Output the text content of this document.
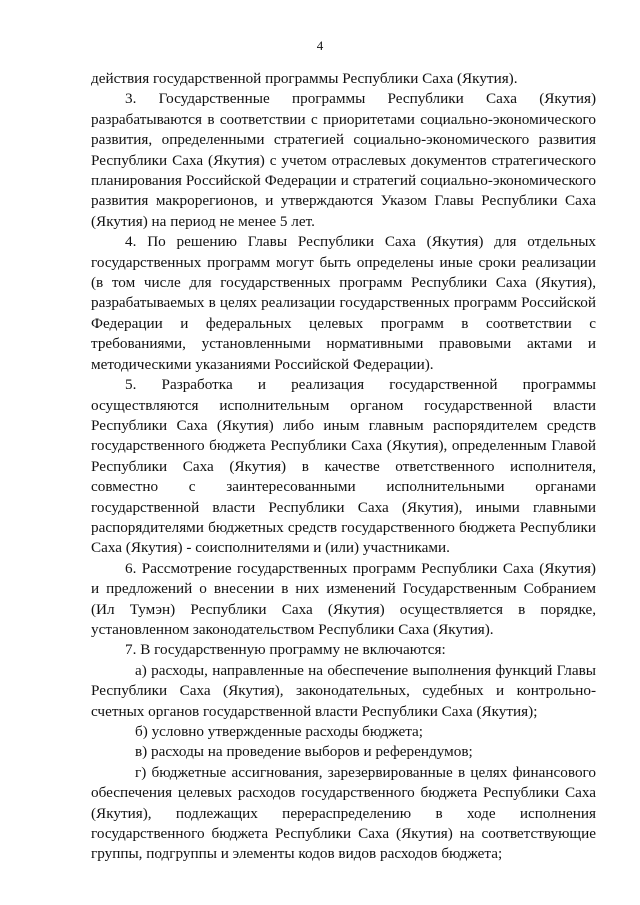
4

действия государственной программы Республики Саха (Якутия).

3. Государственные программы Республики Саха (Якутия) разрабатываются в соответствии с приоритетами социально-экономического развития, определенными стратегией социально-экономического развития Республики Саха (Якутия) с учетом отраслевых документов стратегического планирования Российской Федерации и стратегий социально-экономического развития макрорегионов, и утверждаются Указом Главы Республики Саха (Якутия) на период не менее 5 лет.

4. По решению Главы Республики Саха (Якутия) для отдельных государственных программ могут быть определены иные сроки реализации (в том числе для государственных программ Республики Саха (Якутия), разрабатываемых в целях реализации государственных программ Российской Федерации и федеральных целевых программ в соответствии с требованиями, установленными нормативными правовыми актами и методическими указаниями Российской Федерации).

5. Разработка и реализация государственной программы осуществляются исполнительным органом государственной власти Республики Саха (Якутия) либо иным главным распорядителем средств государственного бюджета Республики Саха (Якутия), определенным Главой Республики Саха (Якутия) в качестве ответственного исполнителя, совместно с заинтересованными исполнительными органами государственной власти Республики Саха (Якутия), иными главными распорядителями бюджетных средств государственного бюджета Республики Саха (Якутия) - соисполнителями и (или) участниками.

6. Рассмотрение государственных программ Республики Саха (Якутия) и предложений о внесении в них изменений Государственным Собранием (Ил Тумэн) Республики Саха (Якутия) осуществляется в порядке, установленном законодательством Республики Саха (Якутия).

7. В государственную программу не включаются:

а) расходы, направленные на обеспечение выполнения функций Главы Республики Саха (Якутия), законодательных, судебных и контрольно-счетных органов государственной власти Республики Саха (Якутия);

б) условно утвержденные расходы бюджета;

в) расходы на проведение выборов и референдумов;

г) бюджетные ассигнования, зарезервированные в целях финансового обеспечения целевых расходов государственного бюджета Республики Саха (Якутия), подлежащих перераспределению в ходе исполнения государственного бюджета Республики Саха (Якутия) на соответствующие группы, подгруппы и элементы кодов видов расходов бюджета;
